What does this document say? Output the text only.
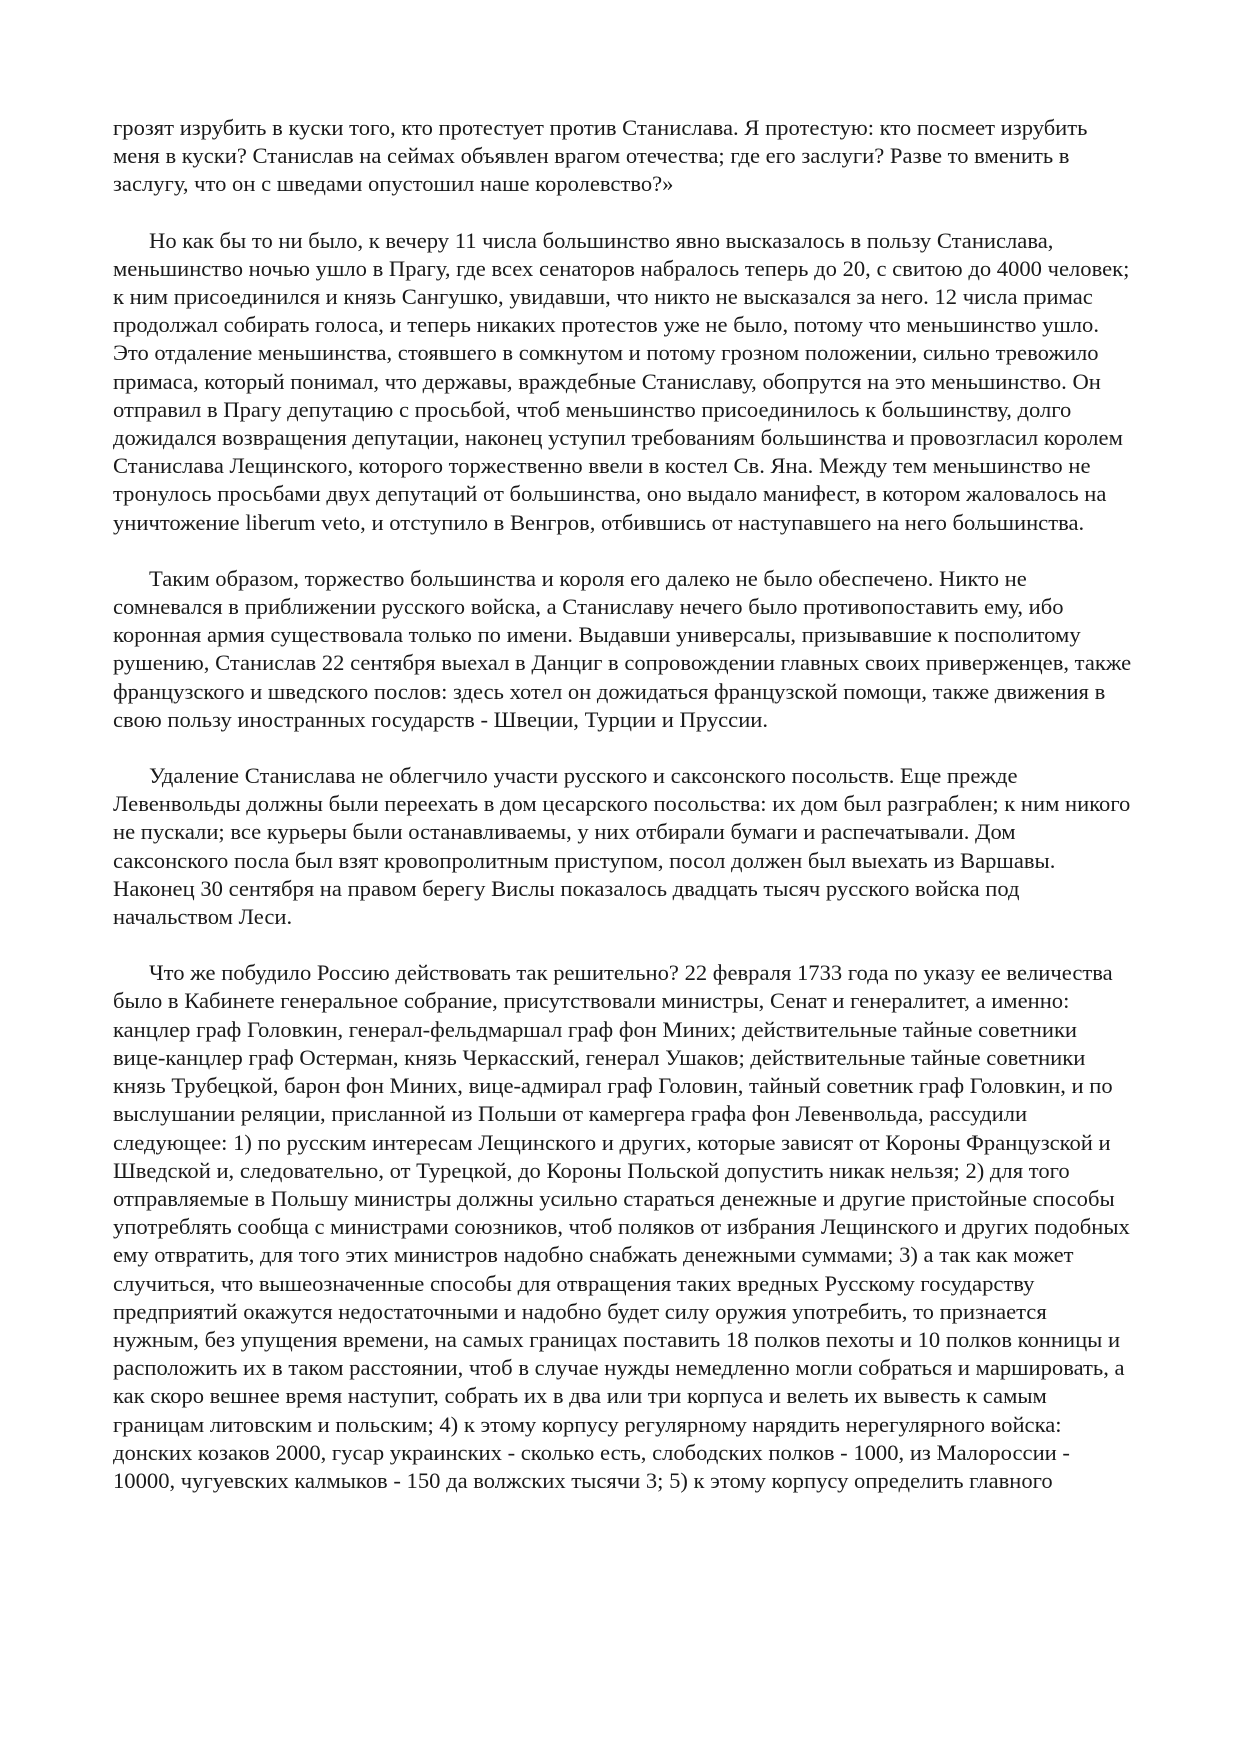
грозят изрубить в куски того, кто протестует против Станислава. Я протестую: кто посмеет изрубить меня в куски? Станислав на сеймах объявлен врагом отечества; где его заслуги? Разве то вменить в заслугу, что он с шведами опустошил наше королевство?»

Но как бы то ни было, к вечеру 11 числа большинство явно высказалось в пользу Станислава, меньшинство ночью ушло в Прагу, где всех сенаторов набралось теперь до 20, с свитою до 4000 человек; к ним присоединился и князь Сангушко, увидавши, что никто не высказался за него. 12 числа примас продолжал собирать голоса, и теперь никаких протестов уже не было, потому что меньшинство ушло. Это отдаление меньшинства, стоявшего в сомкнутом и потому грозном положении, сильно тревожило примаса, который понимал, что державы, враждебные Станиславу, обопрутся на это меньшинство. Он отправил в Прагу депутацию с просьбой, чтоб меньшинство присоединилось к большинству, долго дожидался возвращения депутации, наконец уступил требованиям большинства и провозгласил королем Станислава Лещинского, которого торжественно ввели в костел Св. Яна. Между тем меньшинство не тронулось просьбами двух депутаций от большинства, оно выдало манифест, в котором жаловалось на уничтожение liberum veto, и отступило в Венгров, отбившись от наступавшего на него большинства.

Таким образом, торжество большинства и короля его далеко не было обеспечено. Никто не сомневался в приближении русского войска, а Станиславу нечего было противопоставить ему, ибо коронная армия существовала только по имени. Выдавши универсалы, призывавшие к посполитому рушению, Станислав 22 сентября выехал в Данциг в сопровождении главных своих приверженцев, также французского и шведского послов: здесь хотел он дожидаться французской помощи, также движения в свою пользу иностранных государств - Швеции, Турции и Пруссии.

Удаление Станислава не облегчило участи русского и саксонского посольств. Еще прежде Левенвольды должны были переехать в дом цесарского посольства: их дом был разграблен; к ним никого не пускали; все курьеры были останавливаемы, у них отбирали бумаги и распечатывали. Дом саксонского посла был взят кровопролитным приступом, посол должен был выехать из Варшавы. Наконец 30 сентября на правом берегу Вислы показалось двадцать тысяч русского войска под начальством Леси.

Что же побудило Россию действовать так решительно? 22 февраля 1733 года по указу ее величества было в Кабинете генеральное собрание, присутствовали министры, Сенат и генералитет, а именно: канцлер граф Головкин, генерал-фельдмаршал граф фон Миних; действительные тайные советники вице-канцлер граф Остерман, князь Черкасский, генерал Ушаков; действительные тайные советники князь Трубецкой, барон фон Миних, вице-адмирал граф Головин, тайный советник граф Головкин, и по выслушании реляции, присланной из Польши от камергера графа фон Левенвольда, рассудили следующее: 1) по русским интересам Лещинского и других, которые зависят от Короны Французской и Шведской и, следовательно, от Турецкой, до Короны Польской допустить никак нельзя; 2) для того отправляемые в Польшу министры должны усильно стараться денежные и другие пристойные способы употреблять сообща с министрами союзников, чтоб поляков от избрания Лещинского и других подобных ему отвратить, для того этих министров надобно снабжать денежными суммами; 3) а так как может случиться, что вышеозначенные способы для отвращения таких вредных Русскому государству предприятий окажутся недостаточными и надобно будет силу оружия употребить, то признается нужным, без упущения времени, на самых границах поставить 18 полков пехоты и 10 полков конницы и расположить их в таком расстоянии, чтоб в случае нужды немедленно могли собраться и маршировать, а как скоро вешнее время наступит, собрать их в два или три корпуса и велеть их вывесть к самым границам литовским и польским; 4) к этому корпусу регулярному нарядить нерегулярного войска: донских козаков 2000, гусар украинских - сколько есть, слободских полков - 1000, из Малороссии - 10000, чугуевских калмыков - 150 да волжских тысячи 3; 5) к этому корпусу определить главного
